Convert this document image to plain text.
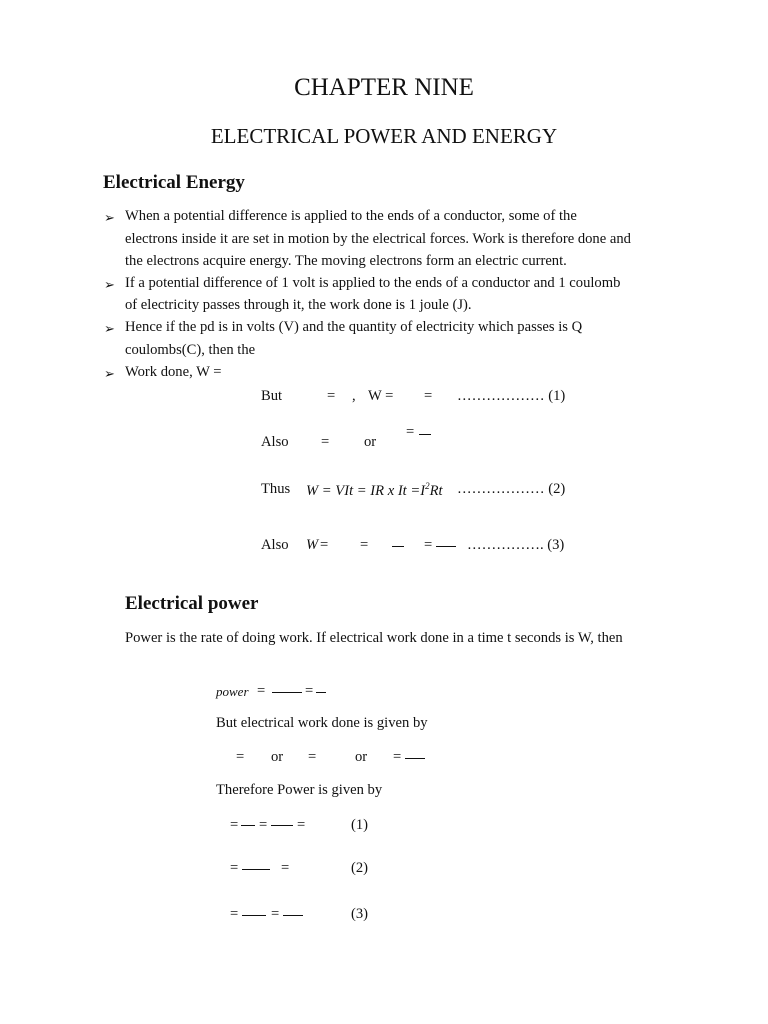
CHAPTER NINE
ELECTRICAL POWER AND ENERGY
Electrical Energy
➢ When a potential difference is applied to the ends of a conductor, some of the
electrons inside it are set in motion by the electrical forces. Work is therefore done and
the electrons acquire energy. The moving electrons form an electric current.
➢ If a potential difference of 1 volt is applied to the ends of a conductor and 1 coulomb
of electricity passes through it, the work done is 1 joule (J).
➢ Hence if the pd is in volts (V) and the quantity of electricity which passes is Q
coulombs(C), then the
➢ Work done, W =
But	= , W = = ……………… (1)
Also = or
=
Thus W = VIt = IR x $It =I^2Rt$ ……………… (2)
Also W = =	= ……………. (3)
Electrical power
Power is the rate of doing work. If electrical work done in a time t seconds is W, then
power =	=
But electrical work done is given by
= or =	or =
Therefore Power is given by
= = =	(1)
=	=	(2)
= =	(3)
